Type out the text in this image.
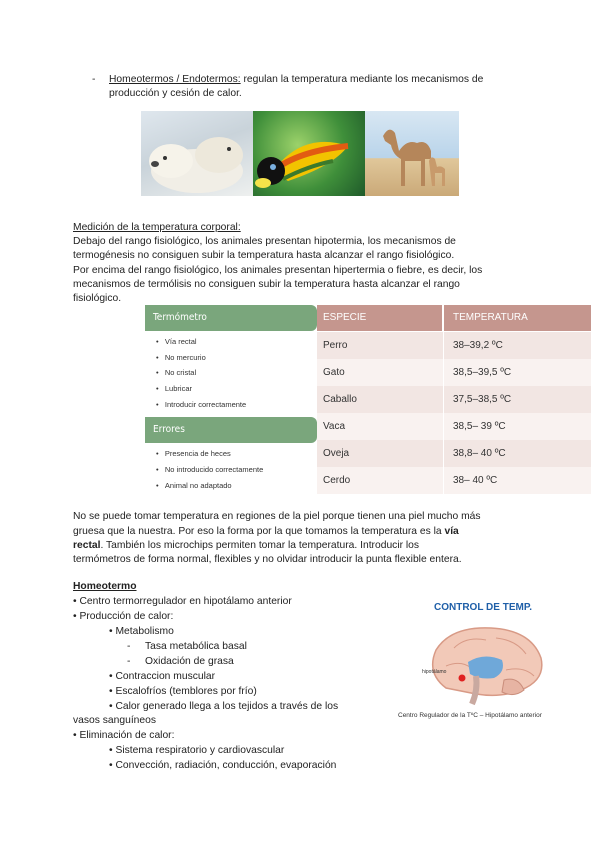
- Homeotermos / Endotermos: regulan la temperatura mediante los mecanismos de
producción y cesión de calor.
Medición de la temperatura corporal:
Debajo del rango fisiológico, los animales presentan hipotermia, los mecanismos de
termogénesis no consiguen subir la temperatura hasta alcanzar el rango fisiológico.
Por encima del rango fisiológico, los animales presentan hipertermia o fiebre, es decir, los
mecanismos de termólisis no consiguen subir la temperatura hasta alcanzar el rango
fisiológico.
Termómetro
•   Vía rectal
•   No mercurio
•   No cristal
•   Lubricar
•   Introducir correctamente
Errores
•   Presencia de heces
•   No introducido correctamente
•   Animal no adaptado
ESPECIE	TEMPERATURA
Perro	38–39,2 ºC
Gato	38,5–39,5 ºC
Caballo	37,5–38,5 ºC
Vaca	38,5– 39 ºC
Oveja	38,8– 40 ºC
Cerdo	38– 40 ºC
No se puede tomar temperatura en regiones de la piel porque tienen una piel mucho más
gruesa que la nuestra. Por eso la forma por la que tomamos la temperatura es la vía
rectal. También los microchips permiten tomar la temperatura. Introducir los
termómetros de forma normal, flexibles y no olvidar introducir la punta flexible entera.
Homeotermo
• Centro termorregulador en hipotálamo anterior
• Producción de calor:
• Metabolismo
- Tasa metabólica basal
- Oxidación de grasa
• Contraccion muscular
• Escalofríos (temblores por frío)
• Calor generado llega a los tejidos a través de los
vasos sanguíneos
• Eliminación de calor:
• Sistema respiratorio y cardiovascular
• Convección, radiación, conducción, evaporación
CONTROL DE TEMP.
hipotálamo
Centro Regulador de la TºC – Hipotálamo anterior
